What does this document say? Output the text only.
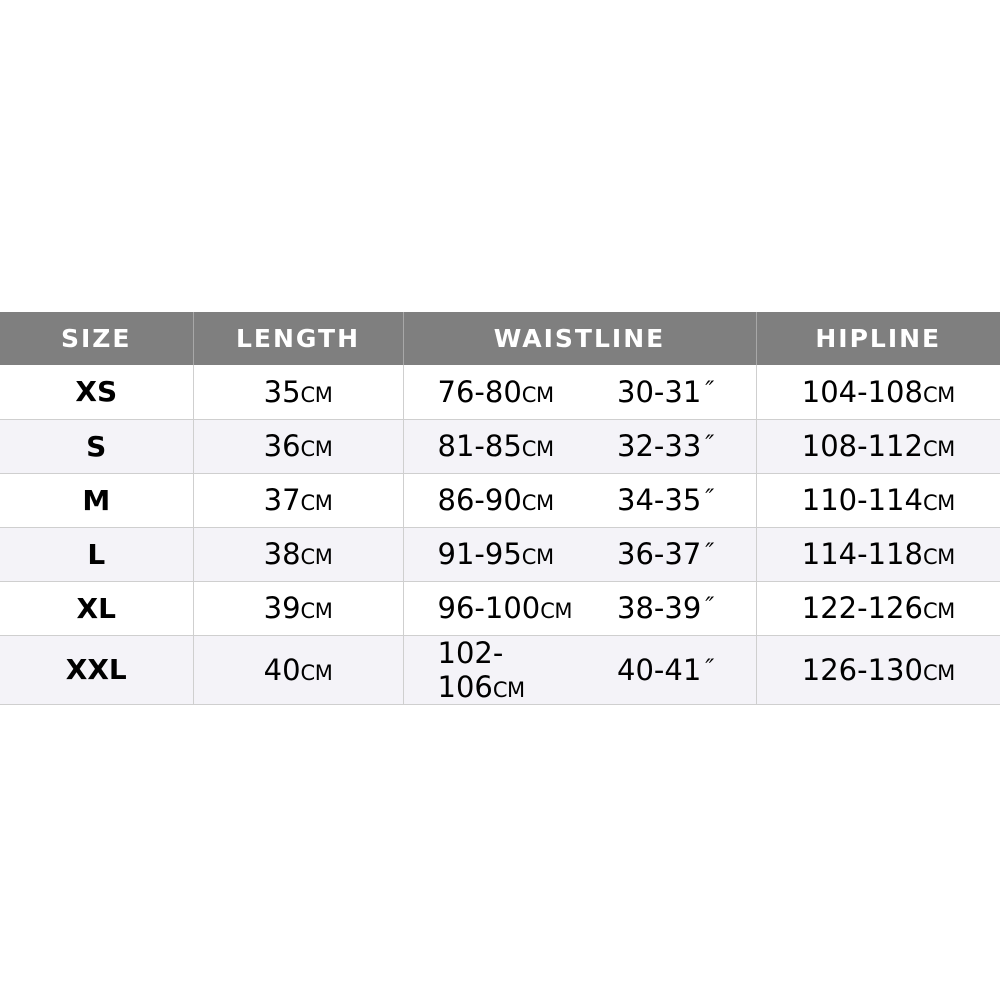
SIZE	LENGTH	WAISTLINE		HIPLINE
XS	35CM	76-80CM	30-31 ″	104-108CM
S	36CM	81-85CM	32-33 ″	108-112CM
M	37CM	86-90CM	34-35 ″	110-114CM
L	38CM	91-95CM	36-37 ″	114-118CM
XL	39CM	96-100CM	38-39 ″	122-126CM
XXL	40CM	102-106CM	40-41 ″	126-130CM
